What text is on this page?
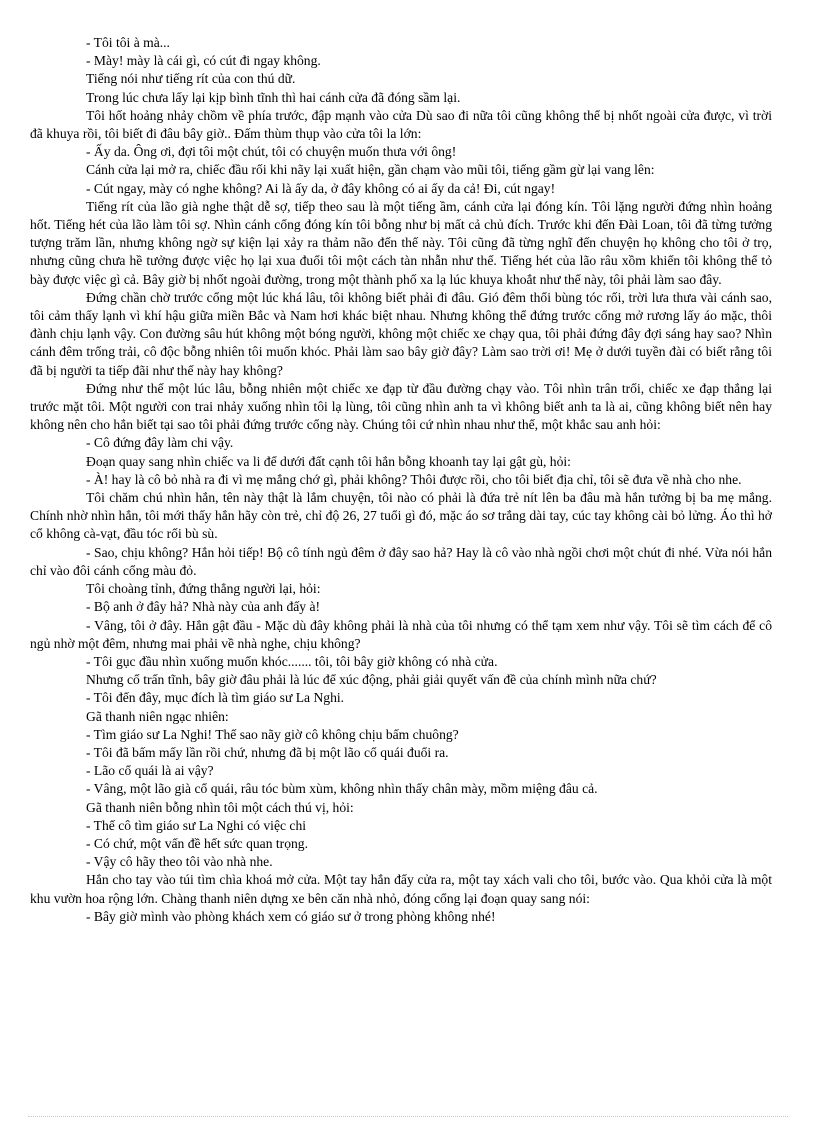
- Tôi tôi à mà...

- Mày! mày là cái gì, có cút đi ngay không.

Tiếng nói như tiếng rít của con thú dữ.

Trong lúc chưa lấy lại kịp bình tĩnh thì hai cánh cửa đã đóng sầm lại.

Tôi hốt hoảng nhảy chồm về phía trước, đập mạnh vào cửa Dù sao đi nữa tôi cũng không thể bị nhốt ngoài cửa được, vì trời đã khuya rồi, tôi biết đi đâu bây giờ.. Đấm thùm thụp vào cửa tôi la lớn:

- Ấy da. Ông ơi, đợi tôi một chút, tôi có chuyện muốn thưa với ông!

Cánh cửa lại mở ra, chiếc đầu rối khi nãy lại xuất hiện, gần chạm vào mũi tôi, tiếng gầm gừ lại vang lên:

- Cút ngay, mày có nghe không? Ai là ấy da, ở đây không có ai ấy da cả! Đi, cút ngay!

Tiếng rít của lão già nghe thật dễ sợ, tiếp theo sau là một tiếng ầm, cánh cửa lại đóng kín. Tôi lặng người đứng nhìn hoảng hốt. Tiếng hét của lão làm tôi sợ. Nhìn cánh cổng đóng kín tôi bỗng như bị mất cả chủ đích. Trước khi đến Đài Loan, tôi đã từng tưởng tượng trăm lần, nhưng không ngờ sự kiện lại xảy ra thảm não đến thế này. Tôi cũng đã từng nghĩ đến chuyện họ không cho tôi ở trọ, nhưng cũng chưa hề tưởng được việc họ lại xua đuổi tôi một cách tàn nhẫn như thế. Tiếng hét của lão râu xồm khiến tôi không thể tỏ bày được việc gì cả. Bây giờ bị nhốt ngoài đường, trong một thành phố xa lạ lúc khuya khoắt như thế này, tôi phải làm sao đây.

Đứng chần chờ trước cổng một lúc khá lâu, tôi không biết phải đi đâu. Gió đêm thổi bùng tóc rối, trời lưa thưa vài cánh sao, tôi cảm thấy lạnh vì khí hậu giữa miền Bắc và Nam hơi khác biệt nhau. Nhưng không thể đứng trước cổng mở rương lấy áo mặc, thôi đành chịu lạnh vậy. Con đường sâu hút không một bóng người, không một chiếc xe chạy qua, tôi phải đứng đây đợi sáng hay sao? Nhìn cánh đêm trống trải, cô độc bỗng nhiên tôi muốn khóc. Phải làm sao bây giờ đây? Làm sao trời ơi! Mẹ ở dưới tuyền đài có biết rằng tôi đã bị người ta tiếp đãi như thế này hay không?

Đứng như thế một lúc lâu, bỗng nhiên một chiếc xe đạp từ đầu đường chạy vào. Tôi nhìn trân trối, chiếc xe đạp thắng lại trước mặt tôi. Một người con trai nhảy xuống nhìn tôi lạ lùng, tôi cũng nhìn anh ta vì không biết anh ta là ai, cũng không biết nên hay không nên cho hắn biết tại sao tôi phải đứng trước cổng này. Chúng tôi cứ nhìn nhau như thế, một khắc sau anh hỏi:

- Cô đứng đây làm chi vậy.

Đoạn quay sang nhìn chiếc va li để dưới đất cạnh tôi hắn bỗng khoanh tay lại gật gù, hỏi:

- À! hay là cô bỏ nhà ra đi vì mẹ mắng chớ gì, phải không? Thôi được rồi, cho tôi biết địa chỉ, tôi sẽ đưa về nhà cho nhe.

Tôi chăm chú nhìn hắn, tên này thật là lắm chuyện, tôi nào có phải là đứa trẻ nít lên ba đâu mà hắn tưởng bị ba mẹ mắng. Chính nhờ nhìn hắn, tôi mới thấy hắn hãy còn trẻ, chỉ độ 26, 27 tuổi gì đó, mặc áo sơ trắng dài tay, cúc tay không cài bỏ lửng. Áo thì hở cổ không cà-vạt, đầu tóc rối bù sù.

- Sao, chịu không? Hắn hỏi tiếp! Bộ cô tính ngủ đêm ở đây sao hả? Hay là cô vào nhà ngồi chơi một chút đi nhé. Vừa nói hắn chỉ vào đôi cánh cổng màu đỏ.

Tôi choàng tỉnh, đứng thẳng người lại, hỏi:

- Bộ anh ở đây hả? Nhà này của anh đấy à!

- Vâng, tôi ở đây. Hắn gật đầu - Mặc dù đây không phải là nhà của tôi nhưng có thể tạm xem như vậy. Tôi sẽ tìm cách để cô ngủ nhờ một đêm, nhưng mai phải về nhà nghe, chịu không?

- Tôi gục đầu nhìn xuống muốn khóc....... tôi, tôi bây giờ không có nhà cửa.

Nhưng cố trấn tĩnh, bây giờ đâu phải là lúc để xúc động, phải giải quyết vấn đề của chính mình nữa chứ?

- Tôi đến đây, mục đích là tìm giáo sư La Nghi.

Gã thanh niên ngạc nhiên:

- Tìm giáo sư La Nghi! Thế sao nãy giờ cô không chịu bấm chuông?

- Tôi đã bấm mấy lần rồi chứ, nhưng đã bị một lão cổ quái đuổi ra.

- Lão cổ quái là ai vậy?

- Vâng, một lão già cổ quái, râu tóc bùm xùm, không nhìn thấy chân mày, mồm miệng đâu cả.

Gã thanh niên bỗng nhìn tôi một cách thú vị, hỏi:

- Thế cô tìm giáo sư La Nghi có việc chi

- Có chứ, một vấn đề hết sức quan trọng.

- Vậy cô hãy theo tôi vào nhà nhe.

Hắn cho tay vào túi tìm chìa khoá mở cửa. Một tay hắn đẩy cửa ra, một tay xách vali cho tôi, bước vào. Qua khỏi cửa là một khu vườn hoa rộng lớn. Chàng thanh niên dựng xe bên căn nhà nhỏ, đóng cổng lại đoạn quay sang nói:

- Bây giờ mình vào phòng khách xem có giáo sư ở trong phòng không nhé!
